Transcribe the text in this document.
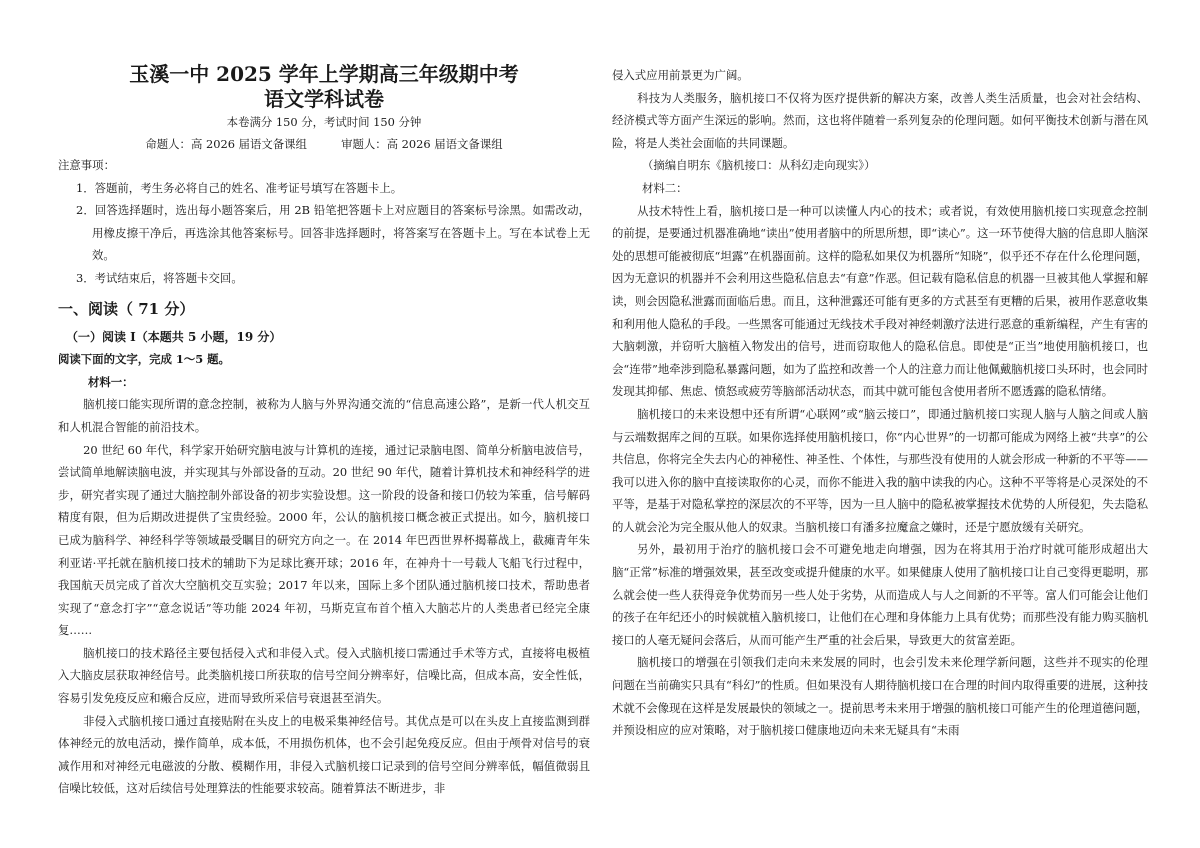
玉溪一中 2025 学年上学期高三年级期中考
语文学科试卷
本卷满分 150 分，考试时间 150 分钟
命题人：高 2026 届语文备课组　　　审题人：高 2026 届语文备课组

注意事项：

1．答题前，考生务必将自己的姓名、准考证号填写在答题卡上。

2．回答选择题时，选出每小题答案后，用 2B 铅笔把答题卡上对应题目的答案标号涂黑。如需改动，用橡皮擦干净后，再选涂其他答案标号。回答非选择题时，将答案写在答题卡上。写在本试卷上无效。

3．考试结束后，将答题卡交回。

一、阅读（ 71 分）

（一）阅读 I（本题共 5 小题，19 分）

阅读下面的文字，完成 1～5 题。

材料一：

脑机接口能实现所谓的意念控制，被称为人脑与外界沟通交流的“信息高速公路”，是新一代人机交互和人机混合智能的前沿技术。

20 世纪 60 年代，科学家开始研究脑电波与计算机的连接，通过记录脑电图、简单分析脑电波信号，尝试简单地解读脑电波，并实现其与外部设备的互动。20 世纪 90 年代，随着计算机技术和神经科学的进步，研究者实现了通过大脑控制外部设备的初步实验设想。这一阶段的设备和接口仍较为笨重，信号解码精度有限，但为后期改进提供了宝贵经验。2000 年，公认的脑机接口概念被正式提出。如今，脑机接口已成为脑科学、神经科学等领域最受瞩目的研究方向之一。在 2014 年巴西世界杯揭幕战上，截瘫青年朱利亚诺·平托就在脑机接口技术的辅助下为足球比赛开球；2016 年，在神舟十一号载人飞船飞行过程中，我国航天员完成了首次大空脑机交互实验；2017 年以来，国际上多个团队通过脑机接口技术，帮助患者实现了“意念打字”“意念说话”等功能 2024 年初，马斯克宣布首个植入大脑芯片的人类患者已经完全康复……

脑机接口的技术路径主要包括侵入式和非侵入式。侵入式脑机接口需通过手术等方式，直接将电极植入大脑皮层获取神经信号。此类脑机接口所获取的信号空间分辨率好，信噪比高，但成本高，安全性低，容易引发免疫反应和瘢合反应，进而导致所采信号衰退甚至消失。

非侵入式脑机接口通过直接贴附在头皮上的电极采集神经信号。其优点是可以在头皮上直接监测到群体神经元的放电活动，操作简单，成本低，不用损伤机体，也不会引起免疫反应。但由于颅骨对信号的衰减作用和对神经元电磁波的分散、模糊作用，非侵入式脑机接口记录到的信号空间分辨率低，幅值微弱且信噪比较低，这对后续信号处理算法的性能要求较高。随着算法不断进步，非

侵入式应用前景更为广阔。

科技为人类服务，脑机接口不仅将为医疗提供新的解决方案，改善人类生活质量，也会对社会结构、经济模式等方面产生深远的影响。然而，这也将伴随着一系列复杂的伦理问题。如何平衡技术创新与潜在风险，将是人类社会面临的共同课题。

（摘编自明东《脑机接口：从科幻走向现实》）

材料二：

从技术特性上看，脑机接口是一种可以读懂人内心的技术；或者说，有效使用脑机接口实现意念控制的前提，是要通过机器准确地“读出”使用者脑中的所思所想，即“读心”。这一环节使得大脑的信息即人脑深处的思想可能被彻底“坦露”在机器面前。这样的隐私如果仅为机器所“知晓”，似乎还不存在什么伦理问题，因为无意识的机器并不会利用这些隐私信息去“有意”作恶。但记载有隐私信息的机器一旦被其他人掌握和解读，则会因隐私泄露而面临后患。而且，这种泄露还可能有更多的方式甚至有更糟的后果，被用作恶意收集和利用他人隐私的手段。一些黑客可能通过无线技术手段对神经刺激疗法进行恶意的重新编程，产生有害的大脑刺激，并窃听大脑植入物发出的信号，进而窃取他人的隐私信息。即使是“正当”地使用脑机接口，也会“连带”地牵涉到隐私暴露问题，如为了监控和改善一个人的注意力而让他佩戴脑机接口头环时，也会同时发现其抑郁、焦虑、愤怒或疲劳等脑部活动状态，而其中就可能包含使用者所不愿透露的隐私情绪。

脑机接口的未来设想中还有所谓“心联网”或“脑云接口”，即通过脑机接口实现人脑与人脑之间或人脑与云端数据库之间的互联。如果你选择使用脑机接口，你“内心世界”的一切都可能成为网络上被“共享”的公共信息，你将完全失去内心的神秘性、神圣性、个体性，与那些没有使用的人就会形成一种新的不平等——我可以进入你的脑中直接读取你的心灵，而你不能进入我的脑中读我的内心。这种不平等将是心灵深处的不平等，是基于对隐私掌控的深层次的不平等，因为一旦人脑中的隐私被掌握技术优势的人所侵犯，失去隐私的人就会沦为完全服从他人的奴隶。当脑机接口有潘多拉魔盒之嫌时，还是宁愿放缓有关研究。

另外，最初用于治疗的脑机接口会不可避免地走向增强，因为在将其用于治疗时就可能形成超出大脑“正常”标准的增强效果，甚至改变或提升健康的水平。如果健康人使用了脑机接口让自己变得更聪明，那么就会使一些人获得竞争优势而另一些人处于劣势，从而造成人与人之间新的不平等。富人们可能会让他们的孩子在年纪还小的时候就植入脑机接口，让他们在心理和身体能力上具有优势；而那些没有能力购买脑机接口的人毫无疑问会落后，从而可能产生严重的社会后果，导致更大的贫富差距。

脑机接口的增强在引领我们走向未来发展的同时，也会引发未来伦理学新问题，这些并不现实的伦理问题在当前确实只具有“科幻”的性质。但如果没有人期待脑机接口在合理的时间内取得重要的进展，这种技术就不会像现在这样是发展最快的领域之一。提前思考未来用于增强的脑机接口可能产生的伦理道德问题，并预设相应的应对策略，对于脑机接口健康地迈向未来无疑具有“未雨
